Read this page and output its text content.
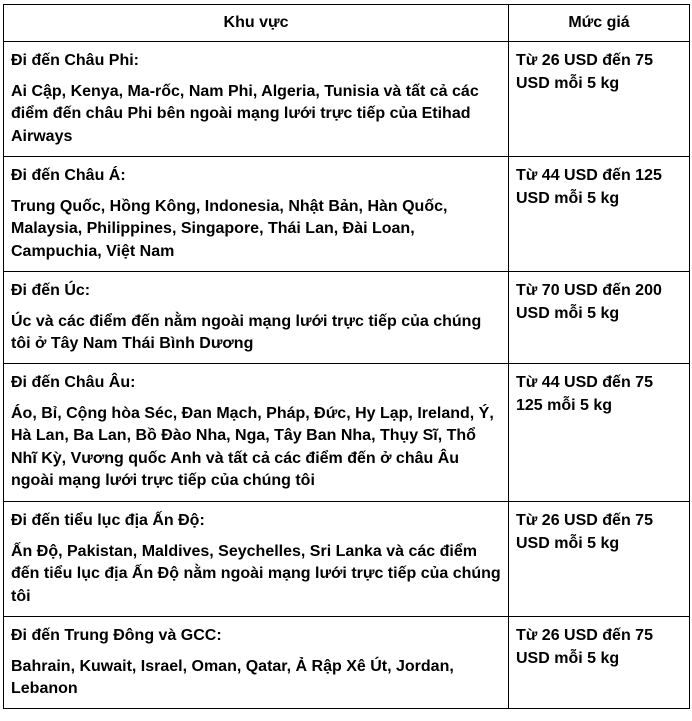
Khu vực	Mức giá

Đi đến Châu Phi:

Ai Cập, Kenya, Ma-rốc, Nam Phi, Algeria, Tunisia và tất cả các điểm đến châu Phi bên ngoài mạng lưới trực tiếp của Etihad Airways	Từ 26 USD đến 75 USD mỗi 5 kg

Đi đến Châu Á:

Trung Quốc, Hồng Kông, Indonesia, Nhật Bản, Hàn Quốc, Malaysia, Philippines, Singapore, Thái Lan, Đài Loan, Campuchia, Việt Nam	Từ 44 USD đến 125 USD mỗi 5 kg

Đi đến Úc:

Úc và các điểm đến nằm ngoài mạng lưới trực tiếp của chúng tôi ở Tây Nam Thái Bình Dương	Từ 70 USD đến 200 USD mỗi 5 kg

Đi đến Châu Âu:

Áo, Bỉ, Cộng hòa Séc, Đan Mạch, Pháp, Đức, Hy Lạp, Ireland, Ý, Hà Lan, Ba Lan, Bồ Đào Nha, Nga, Tây Ban Nha, Thụy Sĩ, Thổ Nhĩ Kỳ, Vương quốc Anh và tất cả các điểm đến ở châu Âu ngoài mạng lưới trực tiếp của chúng tôi	Từ 44 USD đến 75 125 mỗi 5 kg

Đi đến tiểu lục địa Ấn Độ:

Ấn Độ, Pakistan, Maldives, Seychelles, Sri Lanka và các điểm đến tiểu lục địa Ấn Độ nằm ngoài mạng lưới trực tiếp của chúng tôi	Từ 26 USD đến 75 USD mỗi 5 kg

Đi đến Trung Đông và GCC:

Bahrain, Kuwait, Israel, Oman, Qatar, Ả Rập Xê Út, Jordan, Lebanon	Từ 26 USD đến 75 USD mỗi 5 kg
